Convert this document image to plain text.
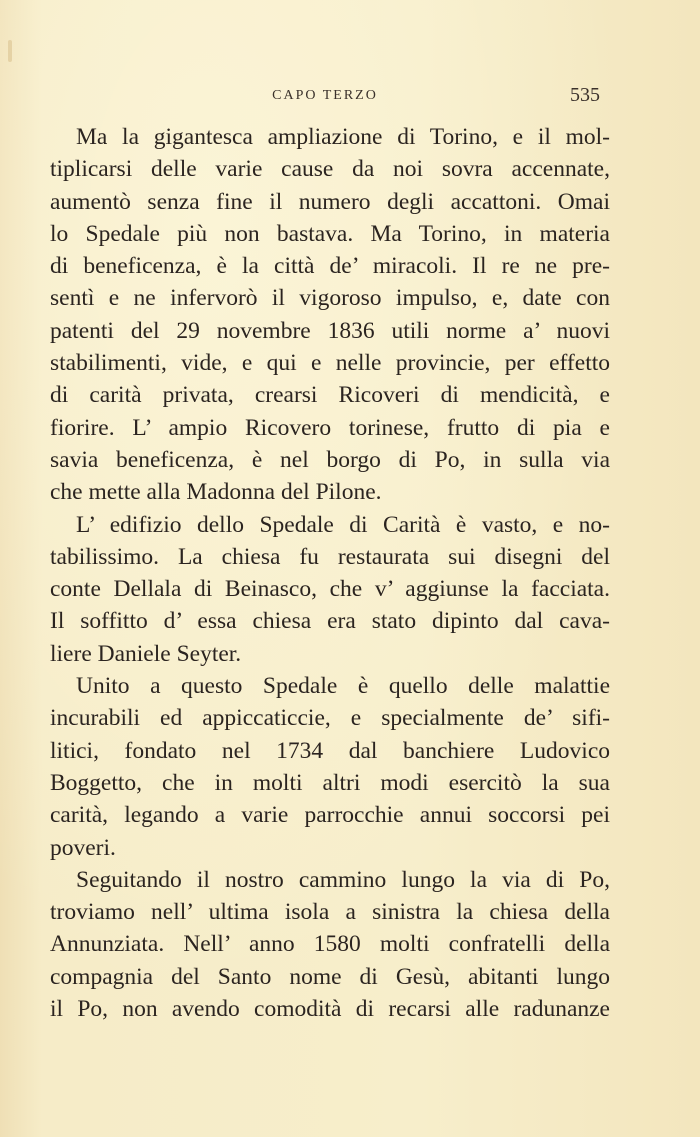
CAPO TERZO	535
Ma la gigantesca ampliazione di Torino, e il mol-
tiplicarsi delle varie cause da noi sovra accennate,
aumentò senza fine il numero degli accattoni. Omai
lo Spedale più non bastava. Ma Torino, in materia
di beneficenza, è la città de’ miracoli. Il re ne pre-
sentì e ne infervorò il vigoroso impulso, e, date con
patenti del 29 novembre 1836 utili norme a’ nuovi
stabilimenti, vide, e qui e nelle provincie, per effetto
di carità privata, crearsi Ricoveri di mendicità, e
fiorire. L’ ampio Ricovero torinese, frutto di pia e
savia beneficenza, è nel borgo di Po, in sulla via
che mette alla Madonna del Pilone.
L’ edifizio dello Spedale di Carità è vasto, e no-
tabilissimo. La chiesa fu restaurata sui disegni del
conte Dellala di Beinasco, che v’ aggiunse la facciata.
Il soffitto d’ essa chiesa era stato dipinto dal cava-
liere Daniele Seyter.
Unito a questo Spedale è quello delle malattie
incurabili ed appiccaticcie, e specialmente de’ sifi-
litici, fondato nel 1734 dal banchiere Ludovico
Boggetto, che in molti altri modi esercitò la sua
carità, legando a varie parrocchie annui soccorsi pei
poveri.
Seguitando il nostro cammino lungo la via di Po,
troviamo nell’ ultima isola a sinistra la chiesa della
Annunziata. Nell’ anno 1580 molti confratelli della
compagnia del Santo nome di Gesù, abitanti lungo
il Po, non avendo comodità di recarsi alle radunanze
